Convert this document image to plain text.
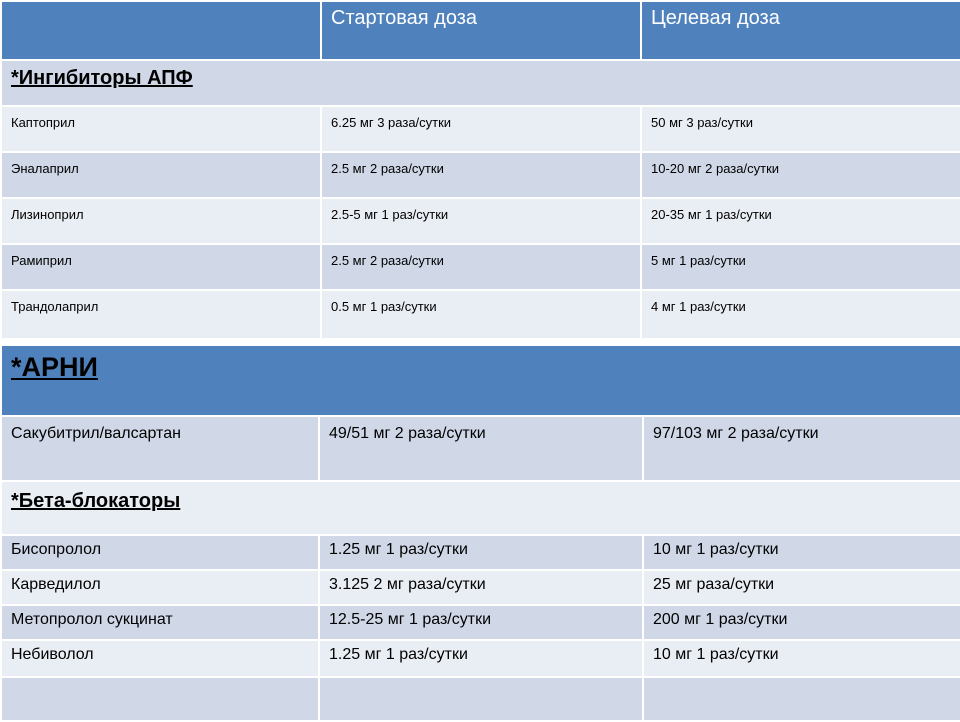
	Стартовая доза	Целевая доза
*Ингибиторы АПФ		
Каптоприл	6.25 мг 3 раза/сутки	50 мг 3 раз/сутки
Эналаприл	2.5 мг 2 раза/сутки	10-20 мг 2 раза/сутки
Лизиноприл	2.5-5 мг 1 раз/сутки	20-35 мг 1 раз/сутки
Рамиприл	2.5 мг 2 раза/сутки	5 мг 1 раз/сутки
Трандолаприл	0.5 мг 1 раз/сутки	4 мг 1 раз/сутки
*АРНИ		
Сакубитрил/валсартан	49/51 мг 2 раза/сутки	97/103 мг 2 раза/сутки
*Бета-блокаторы		
Бисопролол	1.25 мг 1 раз/сутки	10 мг 1 раз/сутки
Карведилол	3.125 2 мг раза/сутки	25 мг раза/сутки
Метопролол сукцинат	12.5-25 мг 1 раз/сутки	200 мг 1 раз/сутки
Небиволол	1.25 мг 1 раз/сутки	10 мг 1 раз/сутки
